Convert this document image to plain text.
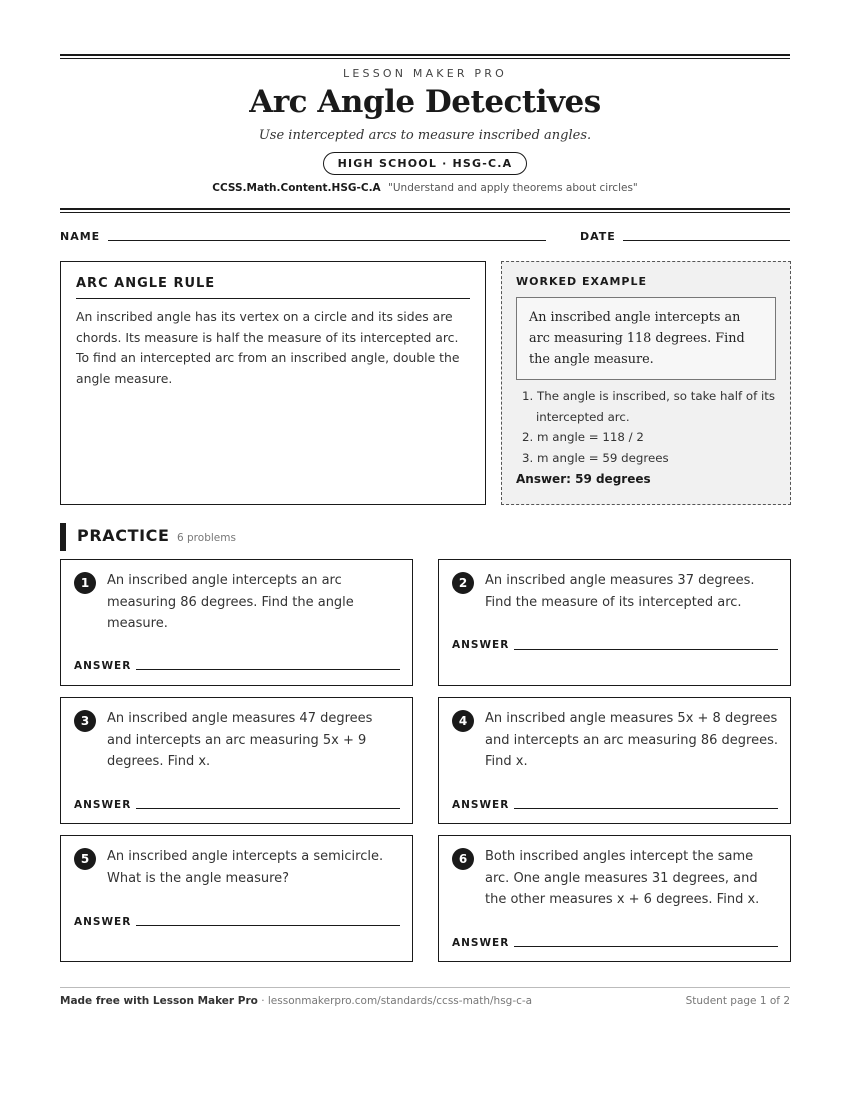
LESSON MAKER PRO
Arc Angle Detectives
Use intercepted arcs to measure inscribed angles.
HIGH SCHOOL · HSG-C.A
CCSS.Math.Content.HSG-C.A "Understand and apply theorems about circles"
NAME	DATE
ARC ANGLE RULE

An inscribed angle has its vertex on a circle and its sides are chords. Its measure is half the measure of its intercepted arc. To find an intercepted arc from an inscribed angle, double the angle measure.

WORKED EXAMPLE
An inscribed angle intercepts an arc measuring 118 degrees. Find the angle measure.
1. The angle is inscribed, so take half of its intercepted arc.
2. m angle = 118 / 2
3. m angle = 59 degrees
Answer: 59 degrees
PRACTICE 6 problems
1	An inscribed angle intercepts an arc measuring 86 degrees. Find the angle measure.
ANSWER
2	An inscribed angle measures 37 degrees. Find the measure of its intercepted arc.
ANSWER
3	An inscribed angle measures 47 degrees and intercepts an arc measuring 5x + 9 degrees. Find x.
ANSWER
4	An inscribed angle measures 5x + 8 degrees and intercepts an arc measuring 86 degrees. Find x.
ANSWER
5	An inscribed angle intercepts a semicircle. What is the angle measure?
ANSWER
6	Both inscribed angles intercept the same arc. One angle measures 31 degrees, and the other measures x + 6 degrees. Find x.
ANSWER
Made free with Lesson Maker Pro · lessonmakerpro.com/standards/ccss-math/hsg-c-a	Student page 1 of 2
